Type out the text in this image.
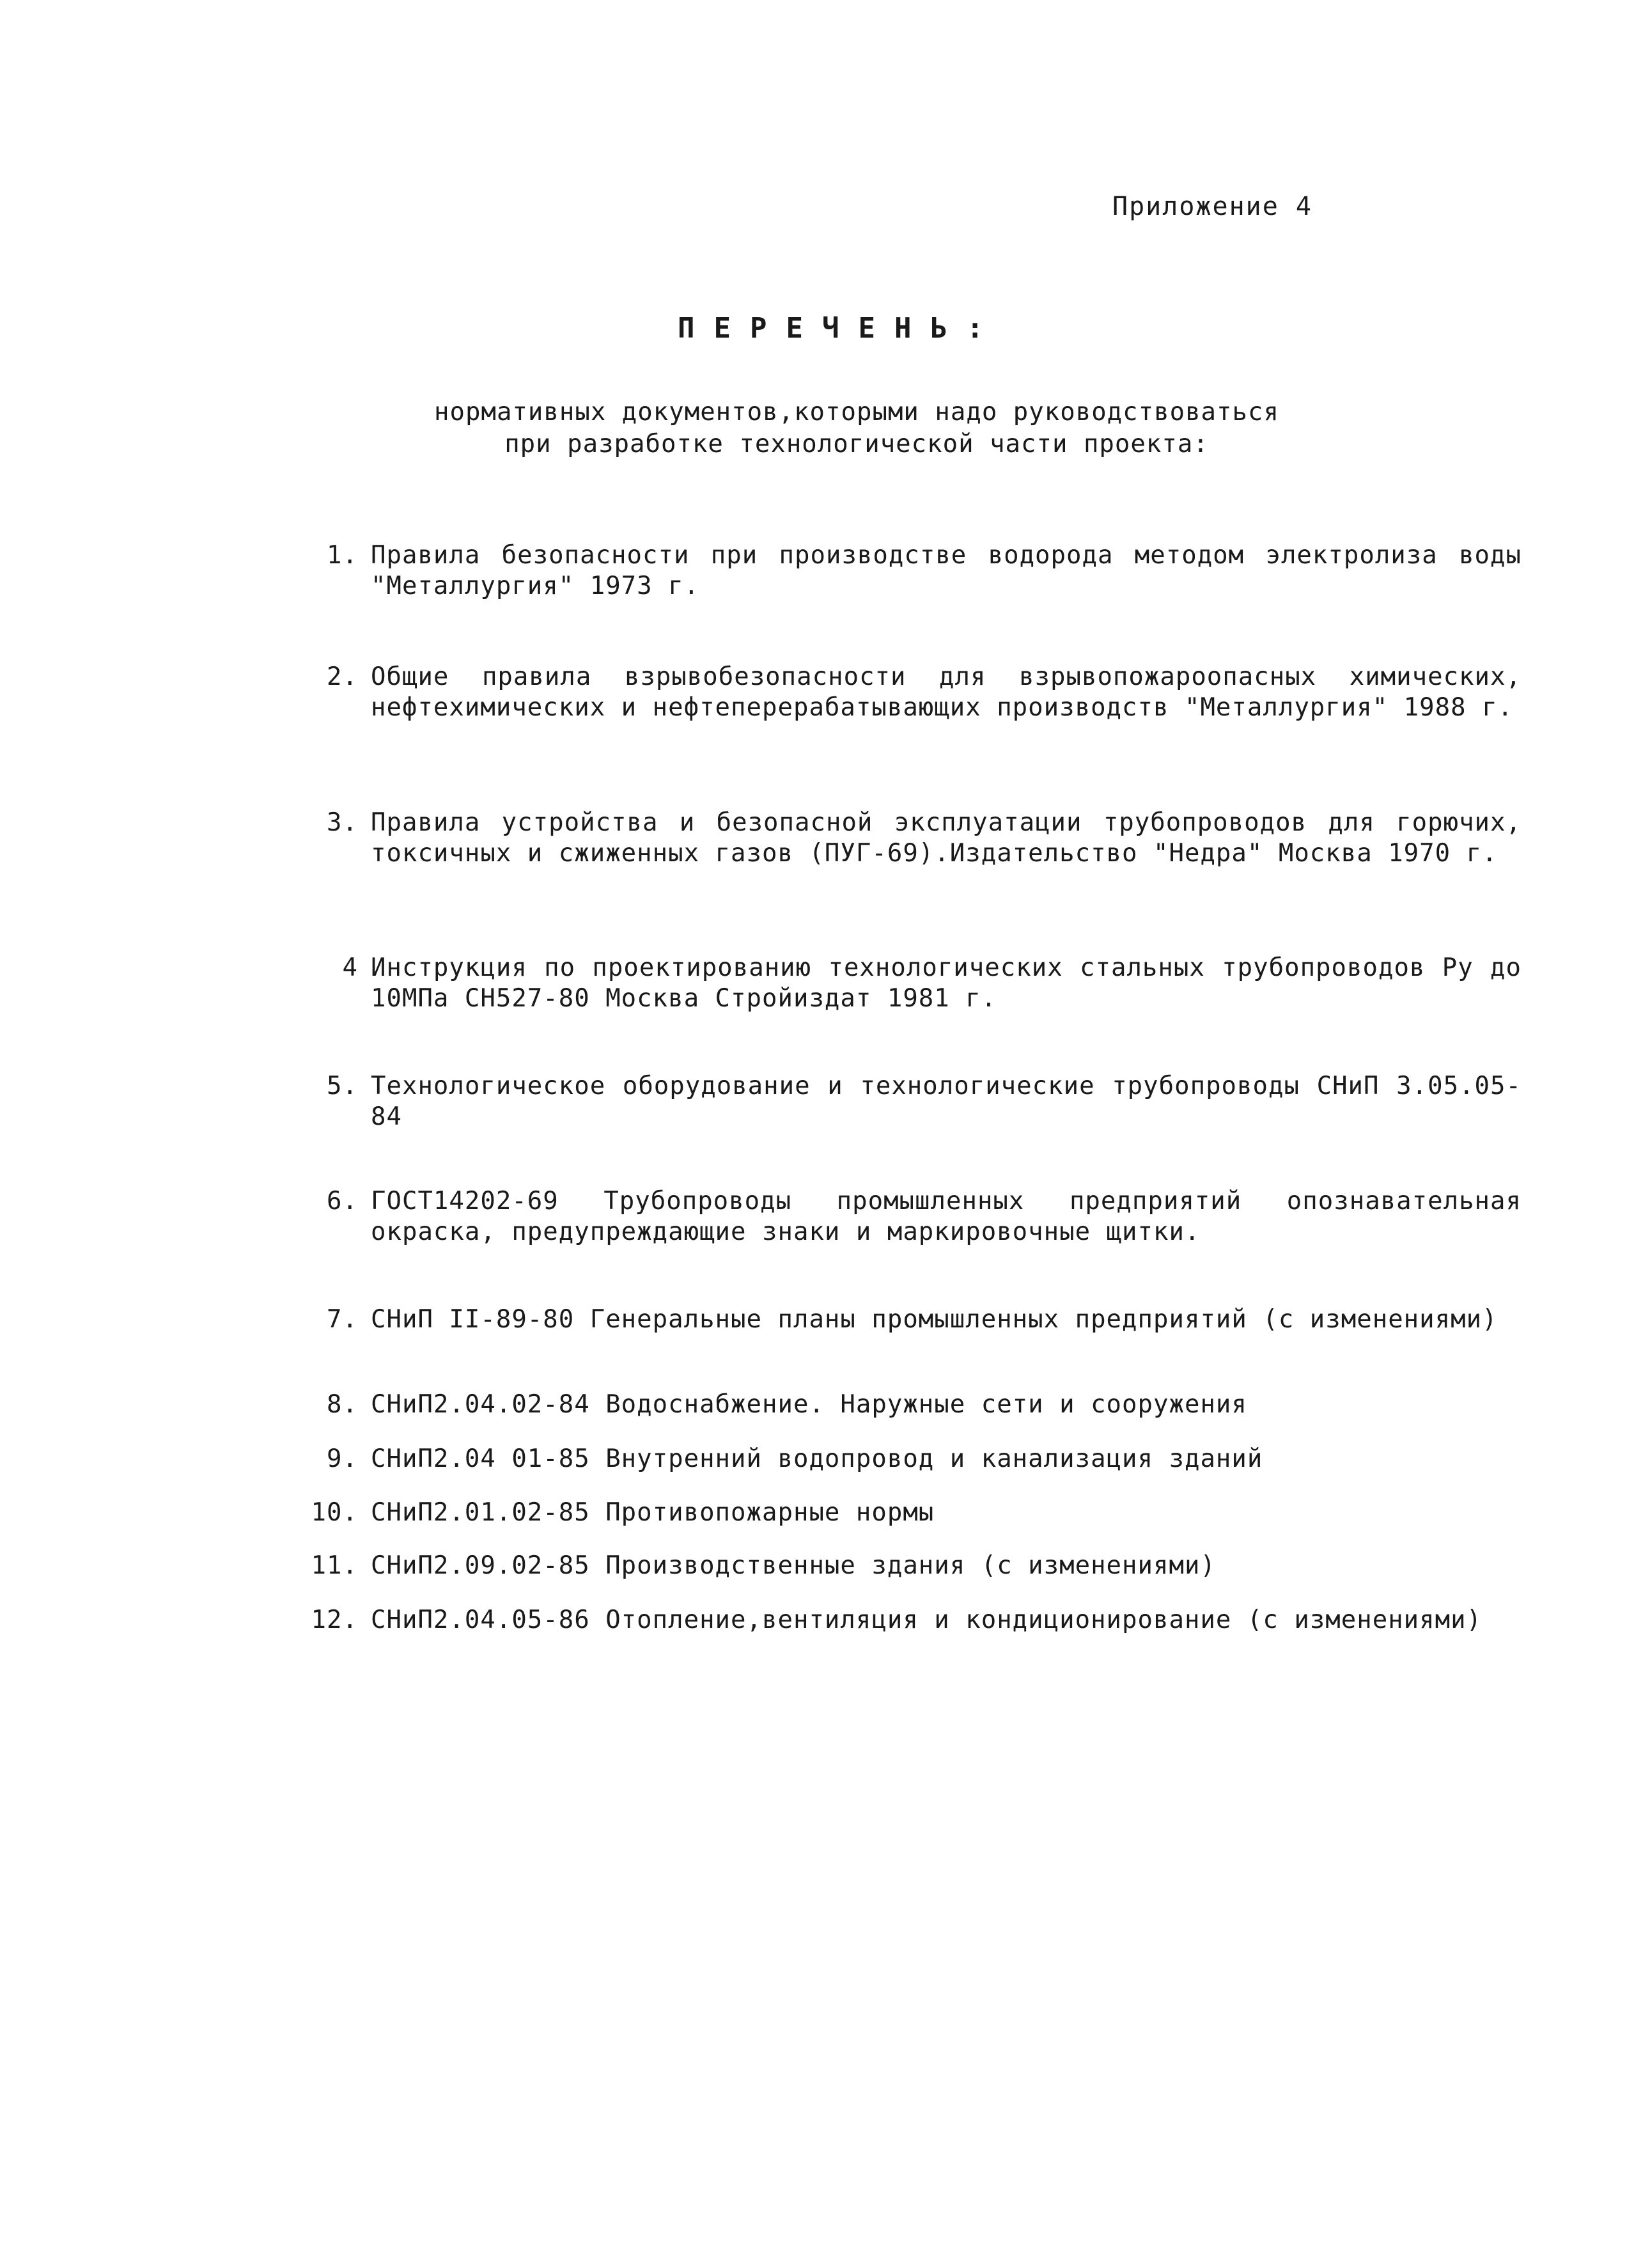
Приложение 4
ПЕРЕЧЕНЬ:
нормативных документов,которыми надо руководствоваться
при разработке технологической части проекта:
1. Правила безопасности при производстве водорода методом электролиза воды "Металлургия" 1973 г.
2. Общие правила взрывобезопасности для взрывопожароопасных химических, нефтехимических и нефтеперерабатывающих производств "Металлургия" 1988 г.
3. Правила устройства и безопасной эксплуатации трубопроводов для горючих, токсичных и сжиженных газов (ПУГ-69).Издательство "Недра" Москва 1970 г.
4 Инструкция по проектированию технологических стальных трубопроводов Ру до 10МПа СН527-80 Москва Стройиздат 1981 г.
5. Технологическое оборудование и технологические трубопроводы СНиП 3.05.05-84
6. ГОСТ14202-69 Трубопроводы промышленных предприятий опознавательная окраска, предупреждающие знаки и маркировочные щитки.
7. СНиП II-89-80 Генеральные планы промышленных предприятий (с изменениями)
8. СНиП2.04.02-84 Водоснабжение. Наружные сети и сооружения
9. СНиП2.04 01-85 Внутренний водопровод и канализация зданий
10. СНиП2.01.02-85 Противопожарные нормы
11. СНиП2.09.02-85 Производственные здания (с изменениями)
12. СНиП2.04.05-86 Отопление,вентиляция и кондиционирование (с изменениями)
